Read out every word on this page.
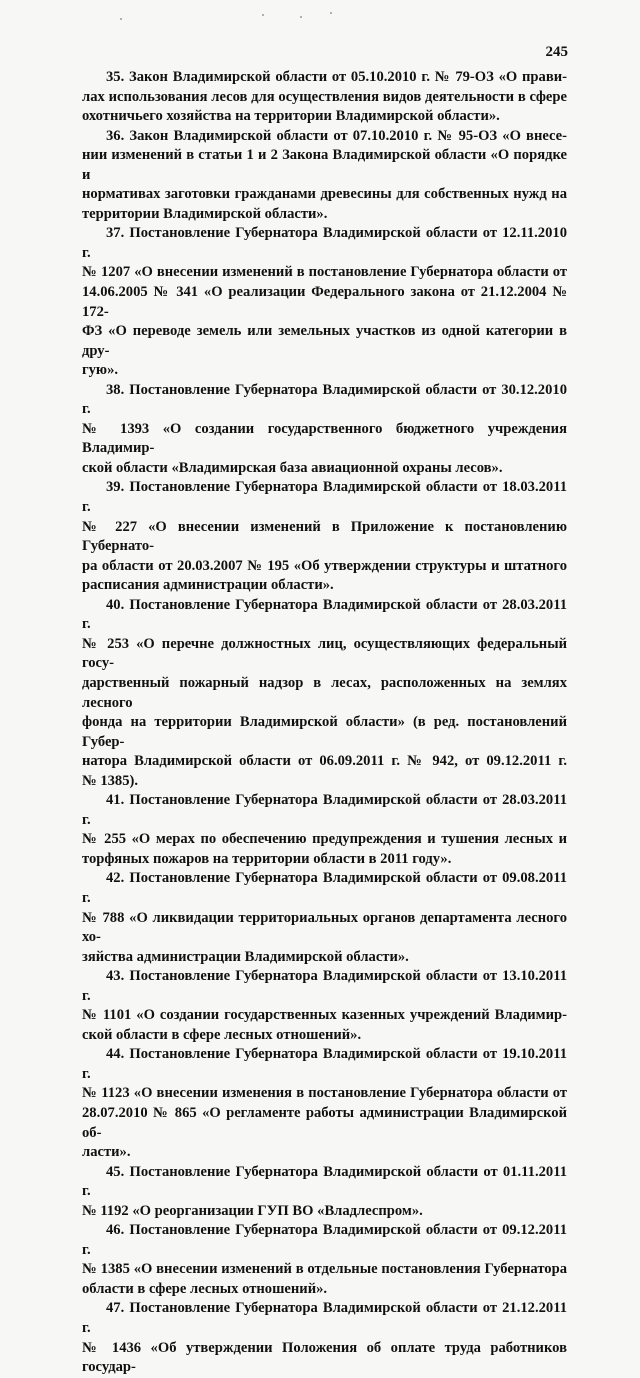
245

35. Закон Владимирской области от 05.10.2010 г. № 79-ОЗ «О прави-
лах использования лесов для осуществления видов деятельности в сфере
охотничьего хозяйства на территории Владимирской области».

36. Закон Владимирской области от 07.10.2010 г. № 95-ОЗ «О внесе-
нии изменений в статьи 1 и 2 Закона Владимирской области «О порядке и
нормативах заготовки гражданами древесины для собственных нужд на
территории Владимирской области».

37. Постановление Губернатора Владимирской области от 12.11.2010 г.
№ 1207 «О внесении изменений в постановление Губернатора области от
14.06.2005 № 341 «О реализации Федерального закона от 21.12.2004 № 172-
ФЗ «О переводе земель или земельных участков из одной категории в дру-
гую».

38. Постановление Губернатора Владимирской области от 30.12.2010 г.
№ 1393 «О создании государственного бюджетного учреждения Владимир-
ской области «Владимирская база авиационной охраны лесов».

39. Постановление Губернатора Владимирской области от 18.03.2011 г.
№ 227 «О внесении изменений в Приложение к постановлению Губернато-
ра области от 20.03.2007 № 195 «Об утверждении структуры и штатного
расписания администрации области».

40. Постановление Губернатора Владимирской области от 28.03.2011 г.
№ 253 «О перечне должностных лиц, осуществляющих федеральный госу-
дарственный пожарный надзор в лесах, расположенных на землях лесного
фонда на территории Владимирской области» (в ред. постановлений Губер-
натора Владимирской области от 06.09.2011 г. № 942, от 09.12.2011 г.
№ 1385).

41. Постановление Губернатора Владимирской области от 28.03.2011 г.
№ 255 «О мерах по обеспечению предупреждения и тушения лесных и
торфяных пожаров на территории области в 2011 году».

42. Постановление Губернатора Владимирской области от 09.08.2011 г.
№ 788 «О ликвидации территориальных органов департамента лесного хо-
зяйства администрации Владимирской области».

43. Постановление Губернатора Владимирской области от 13.10.2011 г.
№ 1101 «О создании государственных казенных учреждений Владимир-
ской области в сфере лесных отношений».

44. Постановление Губернатора Владимирской области от 19.10.2011 г.
№ 1123 «О внесении изменения в постановление Губернатора области от
28.07.2010 № 865 «О регламенте работы администрации Владимирской об-
ласти».

45. Постановление Губернатора Владимирской области от 01.11.2011 г.
№ 1192 «О реорганизации ГУП ВО «Владлеспром».

46. Постановление Губернатора Владимирской области от 09.12.2011 г.
№ 1385 «О внесении изменений в отдельные постановления Губернатора
области в сфере лесных отношений».

47. Постановление Губернатора Владимирской области от 21.12.2011 г.
№ 1436 «Об утверждении Положения об оплате труда работников государ-
